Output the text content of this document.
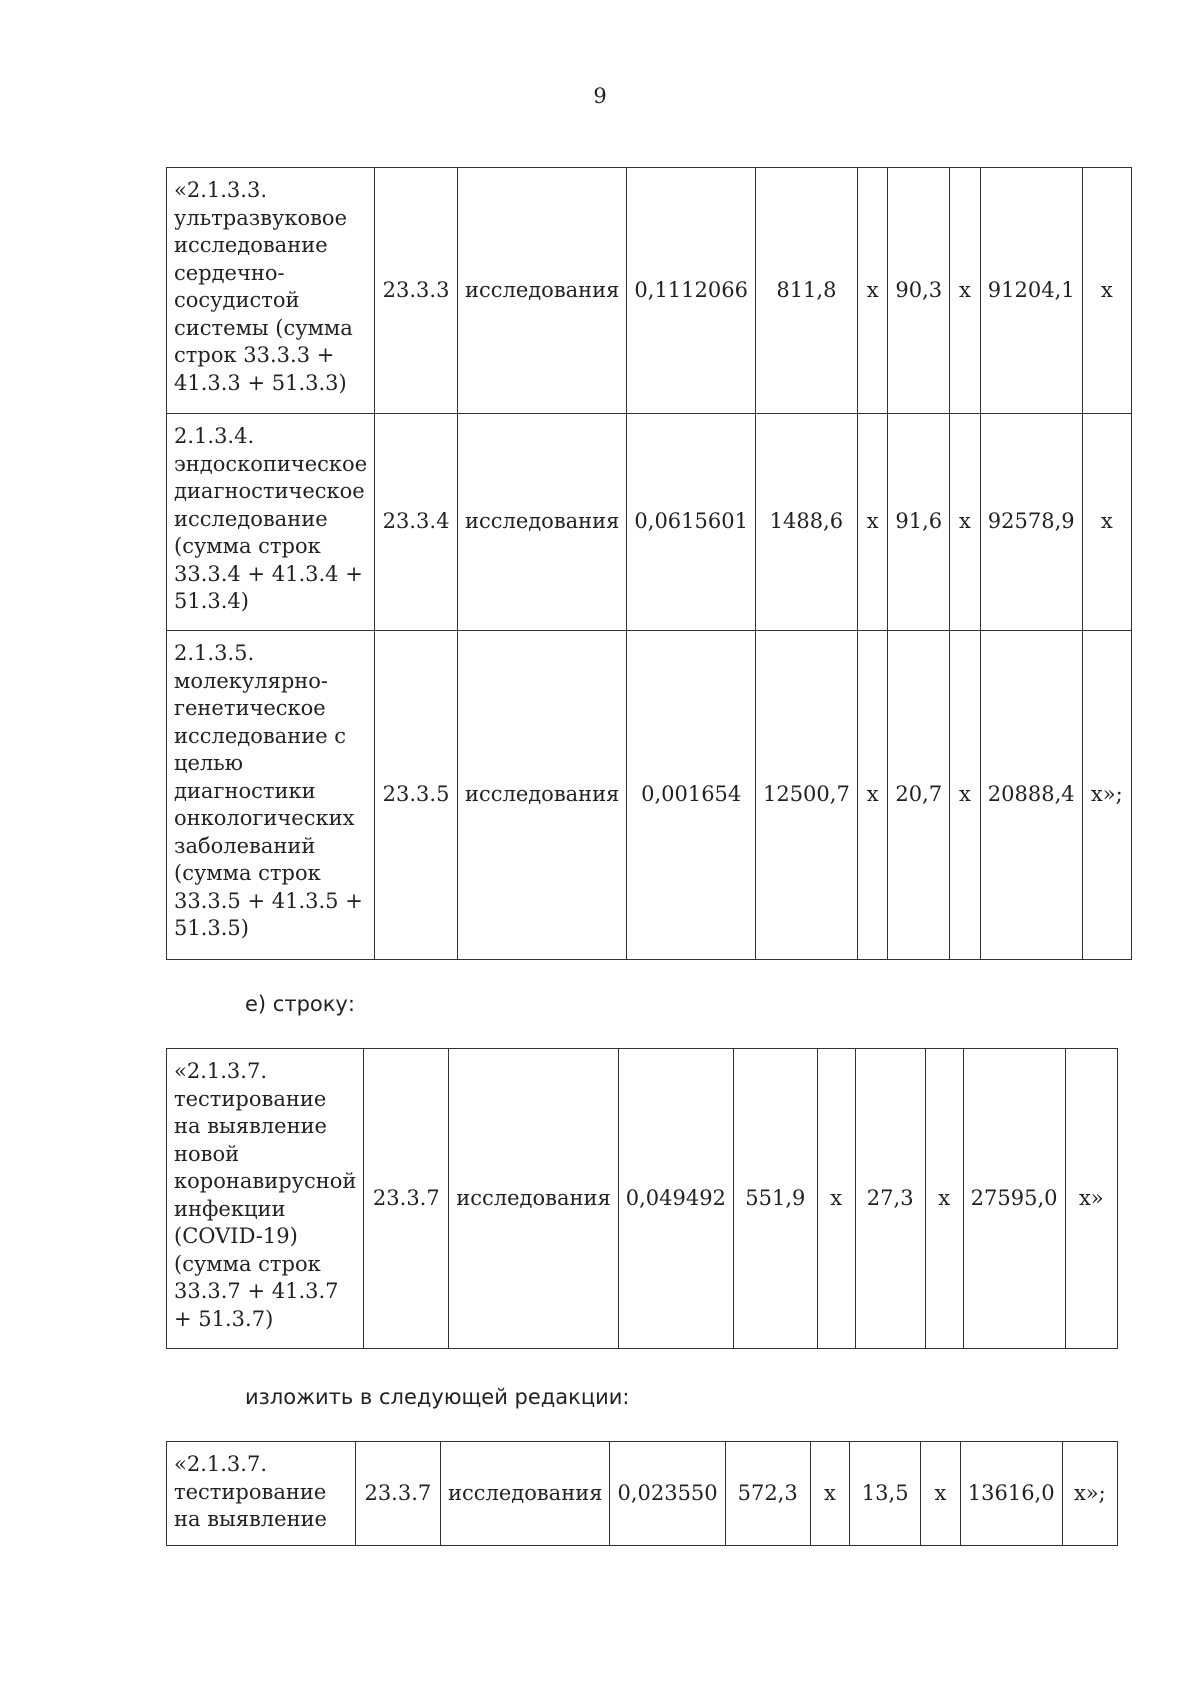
9
«2.1.3.3. ультразвуковое исследование сердечно-сосудистой системы (сумма строк 33.3.3 + 41.3.3 + 51.3.3)	23.3.3	исследования	0,1112066	811,8	х	90,3	х	91204,1	х
2.1.3.4. эндоскопическое диагностическое исследование (сумма строк 33.3.4 + 41.3.4 + 51.3.4)	23.3.4	исследования	0,0615601	1488,6	х	91,6	х	92578,9	х
2.1.3.5. молекулярно-генетическое исследование с целью диагностики онкологических заболеваний (сумма строк 33.3.5 + 41.3.5 + 51.3.5)	23.3.5	исследования	0,001654	12500,7	х	20,7	х	20888,4	х»;
е) строку:
«2.1.3.7. тестирование на выявление новой коронавирусной инфекции (COVID-19) (сумма строк 33.3.7 + 41.3.7 + 51.3.7)	23.3.7	исследования	0,049492	551,9	х	27,3	х	27595,0	х»
изложить в следующей редакции:
«2.1.3.7. тестирование на выявление	23.3.7	исследования	0,023550	572,3	х	13,5	х	13616,0	х»;
